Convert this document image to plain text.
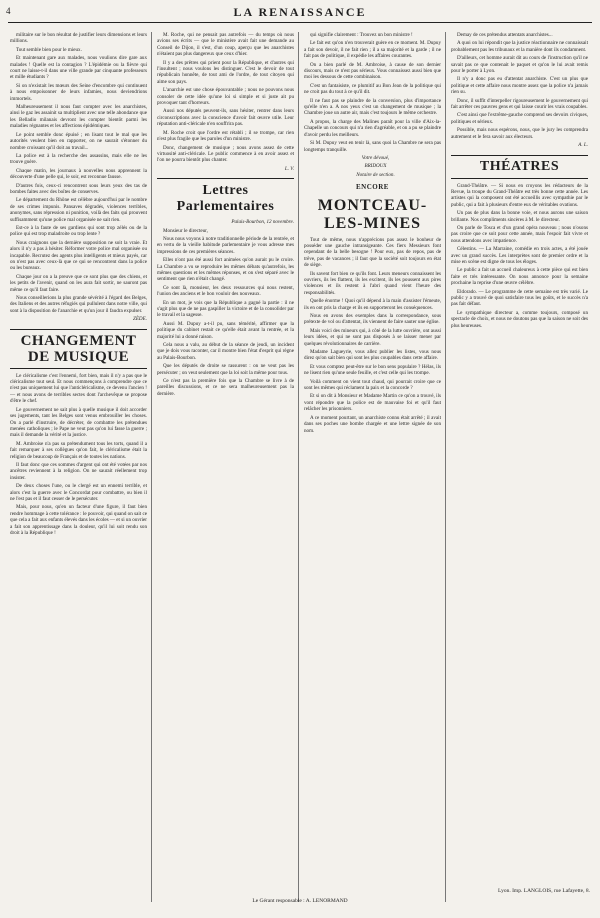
4	LA RENAISSANCE

militaire sur le bon résultat de justifier leurs dimensions et leurs millions.

Tout semble bien pour le mieux.

Et maintenant gare aux malades, nous voulions dire gare aux malades ! Quelle est la contagion ? L'épidémie ou la fièvre qui court ne laisse-t-il dans une ville grande par cinquante professeurs et mille étudiants ?

Si on n'existait les mœurs des Seine d'encombre qui continuent à nous empoisonner de leurs infamies, nous deviendrions immortels.

Malheureusement il nous faut compter avec les anarchistes, ainsi le gaz les assainit sa multiplient avec une telle abondance que les Belladio milanais devront les compter bientôt parmi les maladies régnantes et les affections épidémiques.

Le point semble donc épuisé ; en lisant tout le mal que les autorités veulent bien en rapporter, on ne saurait s'étonner du nombre croissant qu'il doit au travail...

La police est à la recherche des assassins, mais elle ne les trouve guère.

Chaque matin, les journaux à nouvelles nous apprennent la découverte d'une pelle qui, le soir, est reconnue fausse.

D'autres fois, ceux-ci rencontrent sous leurs yeux des tas de bombes faites avec des boîtes de conserves.

Le département du Rhône est célèbre aujourd'hui par le nombre de ses crimes impunis. Pansaves dégradés, violences terribles, anonymes, sans répression ni punition, voilà des faits qui prouvent suffisamment qu'une police mal organisée ne sait rien.

Est-ce à la faute de ses gardiens qui sont trop zélés ou de la police qui est trop maladroite ou trop lente ?

Nous craignons que la dernière supposition ne soit la vraie. Et alors il n'y a pas à hésiter. Réformer votre police mal organisée ou incapable. Recrutez des agents plus intelligents et mieux payés, car on n'est pas avec ceux-là que ce qui se rencontrent dans la police ou les bureaux.

Chaque jour on a la preuve que ce sont plus que des chiens, et les petits de l'avenir, quand on les aura fait sortir, ne sauront pas même ce qu'il faut faire.

Nous conseillerions la plus grande sévérité à l'égard des Belges, des Italiens et des autres réfugiés qui pullulent dans notre ville, qui sont à la disposition de l'anarchie et qu'un jour il faudra expulser.

ZÈDE.

CHANGEMENT DE MUSIQUE

Le cléricalisme c'est l'ennemi, fort bien, mais il n'y a pas que le cléricalisme tout seul. Et nous commençons à comprendre que ce n'est pas uniquement lui que l'anticléricalisme, ce devenu l'ancien ! — et nous avons de terribles sectes dont l'archevêque se propose d'être le chef.

Le gouvernement ne sait plus à quelle musique il doit accorder ses jugements, tant les Belges sont venus embrouiller les choses. On a parlé d'instruire, de décréter, de combattre les prétendues menées catholiques ; le Pape ne veut pas qu'on lui fasse la guerre ; mais il demande la vérité et la justice.

M. Ambroise n'a pas su prétendument tous les torts, quand il a fait remarquer à ses collègues qu'on fait, le cléricalisme était la religion de beaucoup de Français et de toutes les nations.

Il faut donc que ces sommes d'argent qui ont été votées par nos ancêtres reviennent à la religion. On ne saurait réellement trop insister.

De deux choses l'une, ou le clergé est un ennemi terrible, et alors c'est la guerre avec le Concordat pour combattre, ou bien il ne l'est pas et il faut cesser de le persécuter.

Mais, pour nous, qu'en un facteur d'une figure, il faut bien rendre hommage à cette tolérance : le pouvoir, qui quand on sait ce que cela a fait aux enfants élevés dans les écoles — et si un ouvrier a fait son apprentissage dans la douleur, qu'il lui soit rendu son droit à la République !

M. Roche, qui ne pensait pas autrefois — du temps où nous avions ses écrits — que le ministère avait fait une demande au Conseil de Dijon, il s'est, d'un coup, aperçu que les anarchistes n'étaient pas plus dangereux que ceux d'hier.

Il y a des prêtres qui prient pour la République, et d'autres qui l'insultent ; nous voulons les distinguer. C'est le devoir de tout républicain honnête, de tout ami de l'ordre, de tout citoyen qui aime son pays.

L'anarchie est une chose épouvantable ; nous ne pouvons nous consoler de cette idée qu'une loi si simple et si juste ait pu provoquer tant d'horreurs.

Aussi nos députés peuvent-ils, sans hésiter, rentrer dans leurs circonscriptions avec la conscience d'avoir fait œuvre utile. Leur réputation anti-cléricale n'en souffrira pas.

M. Roche croit que l'ordre est rétabli ; il se trompe, car rien n'est plus fragile que les paroles d'un ministre.

Donc, changement de musique ; nous avons assez de cette virtuosité anti-cléricale. Le public commence à en avoir assez et l'on ne pourra bientôt plus chanter.

L. V.

Lettres Parlementaires

Palais-Bourbon, 12 novembre.

Monsieur le directeur,

Nous nous voyons à notre traditionnelle période de la rentrée, et en vertu de la vieille habitude parlementaire je vous adresse mes impressions de ces premières séances.

Elles n'ont pas été aussi fort animées qu'on aurait pu le croire. La Chambre a vu se reproduire les mêmes débats qu'autrefois, les mêmes questions et les mêmes réponses, et on s'est séparé avec le sentiment que rien n'était changé.

Ce sont là, monsieur, les deux ressources qui nous restent, l'union des anciens et le bon vouloir des nouveaux.

En un mot, je vois que la République a gagné la partie : il ne s'agit plus que de ne pas gaspiller la victoire et de la consolider par le travail et la sagesse.

Aussi M. Dupuy a-t-il pu, sans témérité, affirmer que la politique du cabinet restait ce qu'elle était avant la rentrée, et la majorité lui a donné raison.

Cela nous a valu, au début de la séance de jeudi, un incident que je dois vous raconter, car il montre bien l'état d'esprit qui règne au Palais-Bourbon.

Que les députés de droite se rassurent : on ne veut pas les persécuter ; on veut seulement que la loi soit la même pour tous.

Ce n'est pas la première fois que la Chambre se livre à de pareilles discussions, et ce ne sera malheureusement pas la dernière.

qui signifie clairement : Trouvez un bon ministre !

Le fait est qu'on n'en trouverait guère en ce moment. M. Dupuy a fait son devoir, il ne fait rien ; il a sa majorité et la garde ; il ne fait pas de politique, il expédie les affaires courantes.

On a bien parlé de M. Ambroise, à cause de son dernier discours, mais ce n'est pas sérieux. Vous connaissez aussi bien que moi les dessous de cette combinaison.

C'est un fantaisiste, ce plumitif au Bon Jean de la politique qui ne croit pas du tout à ce qu'il dit.

Il ne faut pas se plaindre de la conversion, plus d'importance qu'elle n'en a. A nos yeux c'est un changement de musique ; la Chambre joue un autre air, mais c'est toujours le même orchestre.

A propos, la charge des Malines paraît pour la ville d'Aix-la-Chapelle un concours qui n'a rien d'agréable, et on a pu se plaindre d'avoir perdu les meilleurs.

Si M. Dupuy veut en tenir là, sans quoi la Chambre ne sera pas longtemps tranquille.

Votre dévoué,

BRIDOUX

Notaire de section.

ENCORE
MONTCEAU-LES-MINES

Tout de même, nous n'apprécions pas assez le bonheur de posséder une gauche intransigeante. Ces fiers Messieurs font cependant de la belle besogne ! Pour eux, pas de repos, pas de trêve, pas de vacances ; il faut que la société soit toujours en état de siège.

Ils savent fort bien ce qu'ils font. Leurs meneurs connaissent les ouvriers, ils les flattent, ils les excitent, ils les poussent aux pires violences et ils restent à l'abri quand vient l'heure des responsabilités.

Quelle énorme ! Quoi qu'il dépend à la main d'assister l'émeute, ils en ont pris la charge et ils en supporteront les conséquences.

Nous en avons des exemples dans la correspondance, sous prétexte de vol ou d'attentat, ils viennent de faire sauter une église.

Mais voici des mineurs qui, à côté de la lutte ouvrière, ont aussi leurs idées, et qui ne sont pas disposés à se laisser mener par quelques révolutionnaires de carrière.

Madame Lagueyrie, vous allez publier les listes, vous nous direz qu'on sait bien qui sont les plus coupables dans cette affaire.

Et vous comptez peut-être sur le bon sens populaire ? Hélas, ils ne lisent rien qu'une seule feuille, et c'est celle qui les trompe.

Voilà comment on vient tout chaud, qui pourrait croire que ce sont les mêmes qui réclament la paix et la concorde ?

Et si on dit à Monsieur et Madame Martin ce qu'on a trouvé, ils vont répondre que la police est de mauvaise foi et qu'il faut relâcher les prisonniers.

A ce moment pourtant, un anarchiste connu était arrêté ; il avait dans ses poches une bombe chargée et une lettre signée de son nom.

Demay de ces prétendus attentats anarchistes...

A quoi on lui répondit que la justice réactionnaire ne connaissait probablement pas les tribunaux et la manière dont ils condamnent.

D'ailleurs, cet homme aurait dit au cours de l'instruction qu'il ne savait pas ce que contenait le paquet et qu'on le lui avait remis pour le porter à Lyon.

Il n'y a donc pas eu d'attentat anarchiste. C'est un plus que politique et cette affaire nous montre assez que la police n'a jamais rien su.

Donc, il suffit d'interpeller rigoureusement le gouvernement qui fait arrêter ces pauvres gens et qui laisse courir les vrais coupables.

C'est ainsi que l'extrême-gauche comprend ses devoirs civiques, politiques et sérieux.

Possible, mais nous espérons, nous, que le jury les comprendra autrement et le fera savoir aux électeurs.

A. L.

THÉATRES

Grand-Théâtre. — Si nous en croyons les rédacteurs de la Revue, la troupe du Grand-Théâtre est très bonne cette année. Les artistes qui la composent ont été accueillis avec sympathie par le public, qui a fait à plusieurs d'entre eux de véritables ovations.

Un pas de plus dans la bonne voie, et nous aurons une saison brillante. Nos compliments sincères à M. le directeur.

On parle de Tosca et d'un grand opéra nouveau ; nous n'osons pas croire que ce soit pour cette année, mais l'espoir fait vivre et nous attendons avec impatience.

Célestins. — La Marraine, comédie en trois actes, a été jouée avec un grand succès. Les interprètes sont de premier ordre et la mise en scène est digne de tous les éloges.

Le public a fait un accueil chaleureux à cette pièce qui est bien faite et très intéressante. On nous annonce pour la semaine prochaine la reprise d'une œuvre célèbre.

Eldorado. — Le programme de cette semaine est très varié. Le public y a trouvé de quoi satisfaire tous les goûts, et le succès n'a pas fait défaut.

Le sympathique directeur a, comme toujours, composé un spectacle de choix, et nous ne doutons pas que la saison ne soit des plus heureuses.

Lyon. Imp. LANGLOIS, rue Lafayette, 8.
Le Gérant responsable : A. LENORMAND
